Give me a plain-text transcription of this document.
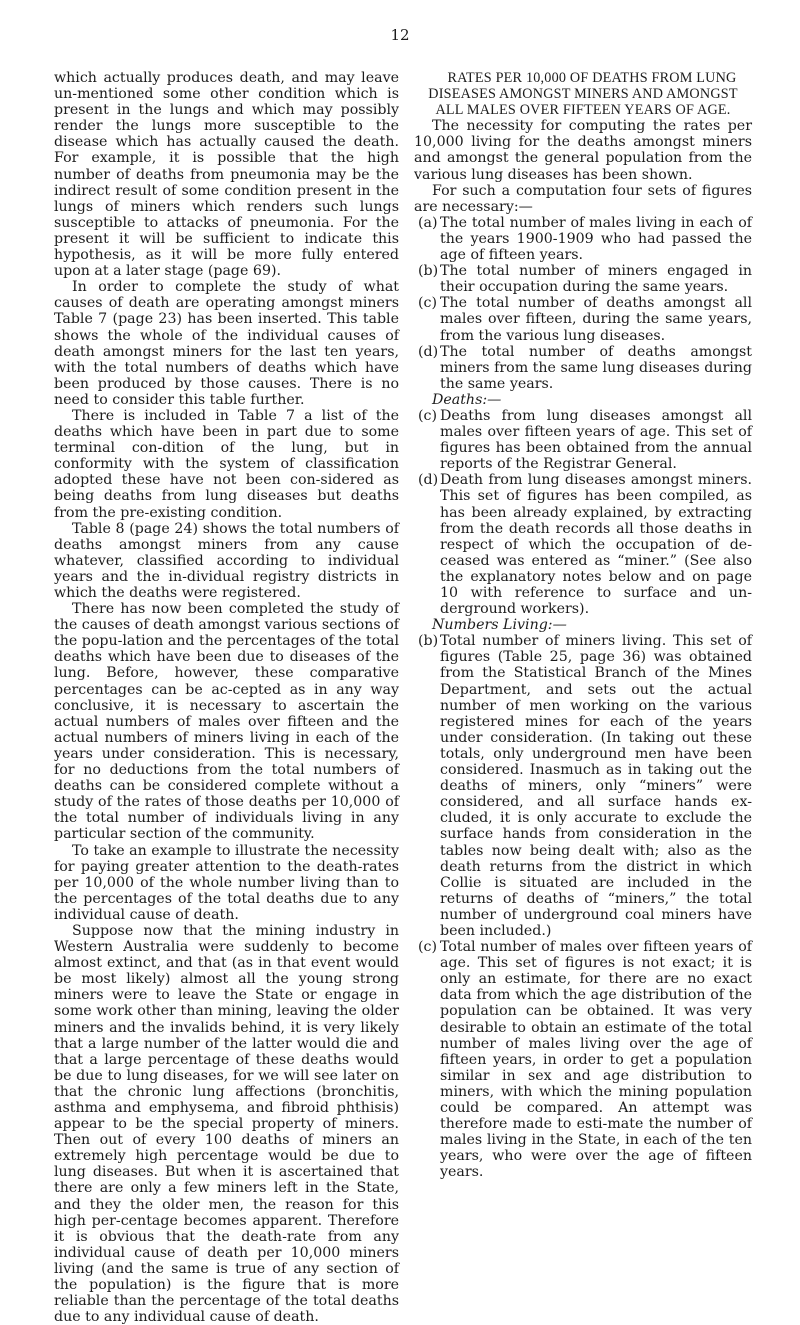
12

which actually produces death, and may leave un-mentioned some other condition which is present in the lungs and which may possibly render the lungs more susceptible to the disease which has actually caused the death. For example, it is possible that the high number of deaths from pneumonia may be the indirect result of some condition present in the lungs of miners which renders such lungs susceptible to attacks of pneumonia. For the present it will be sufficient to indicate this hypothesis, as it will be more fully entered upon at a later stage (page 69).

In order to complete the study of what causes of death are operating amongst miners Table 7 (page 23) has been inserted. This table shows the whole of the individual causes of death amongst miners for the last ten years, with the total numbers of deaths which have been produced by those causes. There is no need to consider this table further.

There is included in Table 7 a list of the deaths which have been in part due to some terminal con-dition of the lung, but in conformity with the system of classification adopted these have not been con-sidered as being deaths from lung diseases but deaths from the pre-existing condition.

Table 8 (page 24) shows the total numbers of deaths amongst miners from any cause whatever, classified according to individual years and the in-dividual registry districts in which the deaths were registered.

There has now been completed the study of the causes of death amongst various sections of the popu-lation and the percentages of the total deaths which have been due to diseases of the lung. Before, however, these comparative percentages can be ac-cepted as in any way conclusive, it is necessary to ascertain the actual numbers of males over fifteen and the actual numbers of miners living in each of the years under consideration. This is necessary, for no deductions from the total numbers of deaths can be considered complete without a study of the rates of those deaths per 10,000 of the total number of individuals living in any particular section of the community.

To take an example to illustrate the necessity for paying greater attention to the death-rates per 10,000 of the whole number living than to the percentages of the total deaths due to any individual cause of death.

Suppose now that the mining industry in Western Australia were suddenly to become almost extinct, and that (as in that event would be most likely) almost all the young strong miners were to leave the State or engage in some work other than mining, leaving the older miners and the invalids behind, it is very likely that a large number of the latter would die and that a large percentage of these deaths would be due to lung diseases, for we will see later on that the chronic lung affections (bronchitis, asthma and emphysema, and fibroid phthisis) appear to be the special property of miners. Then out of every 100 deaths of miners an extremely high percentage would be due to lung diseases. But when it is ascertained that there are only a few miners left in the State, and they the older men, the reason for this high per-centage becomes apparent. Therefore it is obvious that the death-rate from any individual cause of death per 10,000 miners living (and the same is true of any section of the population) is the figure that is more reliable than the percentage of the total deaths due to any individual cause of death.

RATES PER 10,000 OF DEATHS FROM LUNG DISEASES AMONGST MINERS AND AMONGST ALL MALES OVER FIFTEEN YEARS OF AGE.

The necessity for computing the rates per 10,000 living for the deaths amongst miners and amongst the general population from the various lung diseases has been shown.

For such a computation four sets of figures are necessary:—

(a) The total number of males living in each of the years 1900-1909 who had passed the age of fifteen years.
(b) The total number of miners engaged in their occupation during the same years.
(c) The total number of deaths amongst all males over fifteen, during the same years, from the various lung diseases.
(d) The total number of deaths amongst miners from the same lung diseases during the same years.

Deaths:—

(c) Deaths from lung diseases amongst all males over fifteen years of age. This set of figures has been obtained from the annual reports of the Registrar General.
(d) Death from lung diseases amongst miners. This set of figures has been compiled, as has been already explained, by extracting from the death records all those deaths in respect of which the occupation of de-ceased was entered as “miner.” (See also the explanatory notes below and on page 10 with reference to surface and un-derground workers).

Numbers Living:—

(b) Total number of miners living. This set of figures (Table 25, page 36) was obtained from the Statistical Branch of the Mines Department, and sets out the actual number of men working on the various registered mines for each of the years under consideration. (In taking out these totals, only underground men have been considered. Inasmuch as in taking out the deaths of miners, only “miners” were considered, and all surface hands ex-cluded, it is only accurate to exclude the surface hands from consideration in the tables now being dealt with; also as the death returns from the district in which Collie is situated are included in the returns of deaths of “miners,” the total number of underground coal miners have been included.)
(c) Total number of males over fifteen years of age. This set of figures is not exact; it is only an estimate, for there are no exact data from which the age distribution of the population can be obtained. It was very desirable to obtain an estimate of the total number of males living over the age of fifteen years, in order to get a population similar in sex and age distribution to miners, with which the mining population could be compared. An attempt was therefore made to esti-mate the number of males living in the State, in each of the ten years, who were over the age of fifteen years.
